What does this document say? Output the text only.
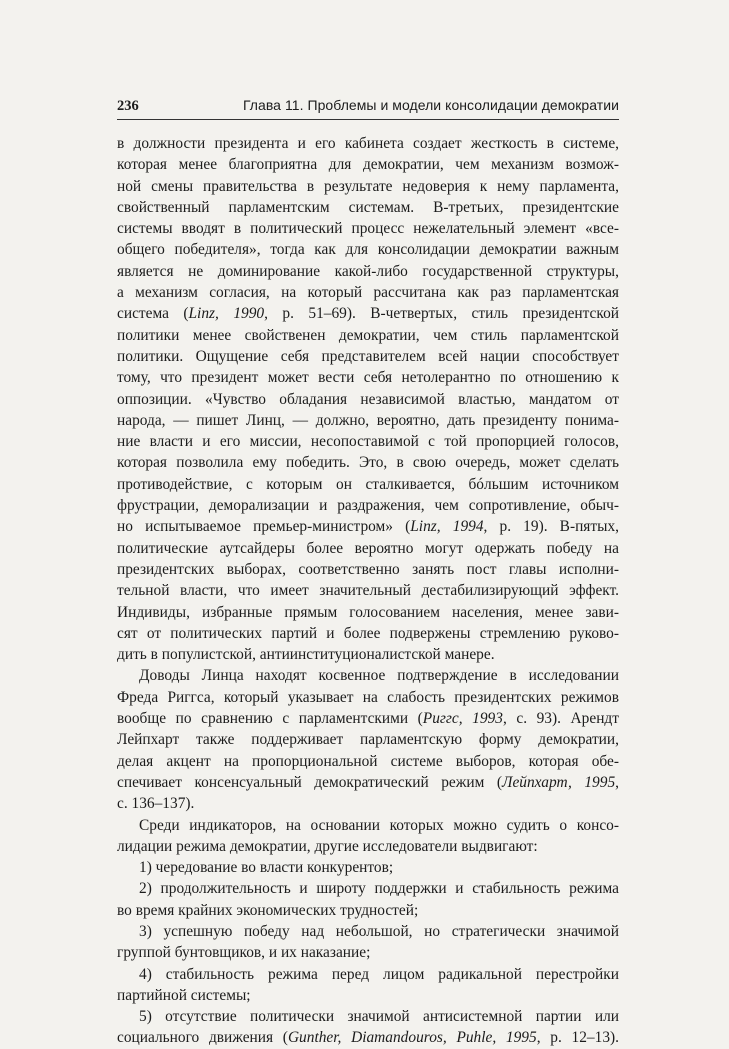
236	Глава 11. Проблемы и модели консолидации демократии
в должности президента и его кабинета создает жесткость в системе,
которая менее благоприятна для демократии, чем механизм возмож-
ной смены правительства в результате недоверия к нему парламента,
свойственный парламентским системам. В-третьих, президентские
системы вводят в политический процесс нежелательный элемент «все-
общего победителя», тогда как для консолидации демократии важным
является не доминирование какой-либо государственной структуры,
а механизм согласия, на который рассчитана как раз парламентская
система (Linz, 1990, p. 51–69). В-четвертых, стиль президентской
политики менее свойственен демократии, чем стиль парламентской
политики. Ощущение себя представителем всей нации способствует
тому, что президент может вести себя нетолерантно по отношению к
оппозиции. «Чувство обладания независимой властью, мандатом от
народа, — пишет Линц, — должно, вероятно, дать президенту понима-
ние власти и его миссии, несопоставимой с той пропорцией голосов,
которая позволила ему победить. Это, в свою очередь, может сделать
противодействие, с которым он сталкивается, бóльшим источником
фрустрации, деморализации и раздражения, чем сопротивление, обыч-
но испытываемое премьер-министром» (Linz, 1994, p. 19). В-пятых,
политические аутсайдеры более вероятно могут одержать победу на
президентских выборах, соответственно занять пост главы исполни-
тельной власти, что имеет значительный дестабилизирующий эффект.
Индивиды, избранные прямым голосованием населения, менее зави-
сят от политических партий и более подвержены стремлению руково-
дить в популистской, антиинституционалистской манере.
Доводы Линца находят косвенное подтверждение в исследовании
Фреда Риггса, который указывает на слабость президентских режимов
вообще по сравнению с парламентскими (Риггс, 1993, с. 93). Арендт
Лейпхарт также поддерживает парламентскую форму демократии,
делая акцент на пропорциональной системе выборов, которая обе-
спечивает консенсуальный демократический режим (Лейпхарт, 1995,
с. 136–137).
Среди индикаторов, на основании которых можно судить о консо-
лидации режима демократии, другие исследователи выдвигают:
1) чередование во власти конкурентов;
2) продолжительность и широту поддержки и стабильность режима
во время крайних экономических трудностей;
3) успешную победу над небольшой, но стратегически значимой
группой бунтовщиков, и их наказание;
4) стабильность режима перед лицом радикальной перестройки
партийной системы;
5) отсутствие политически значимой антисистемной партии или
социального движения (Gunther, Diamandouros, Puhle, 1995, p. 12–13).
